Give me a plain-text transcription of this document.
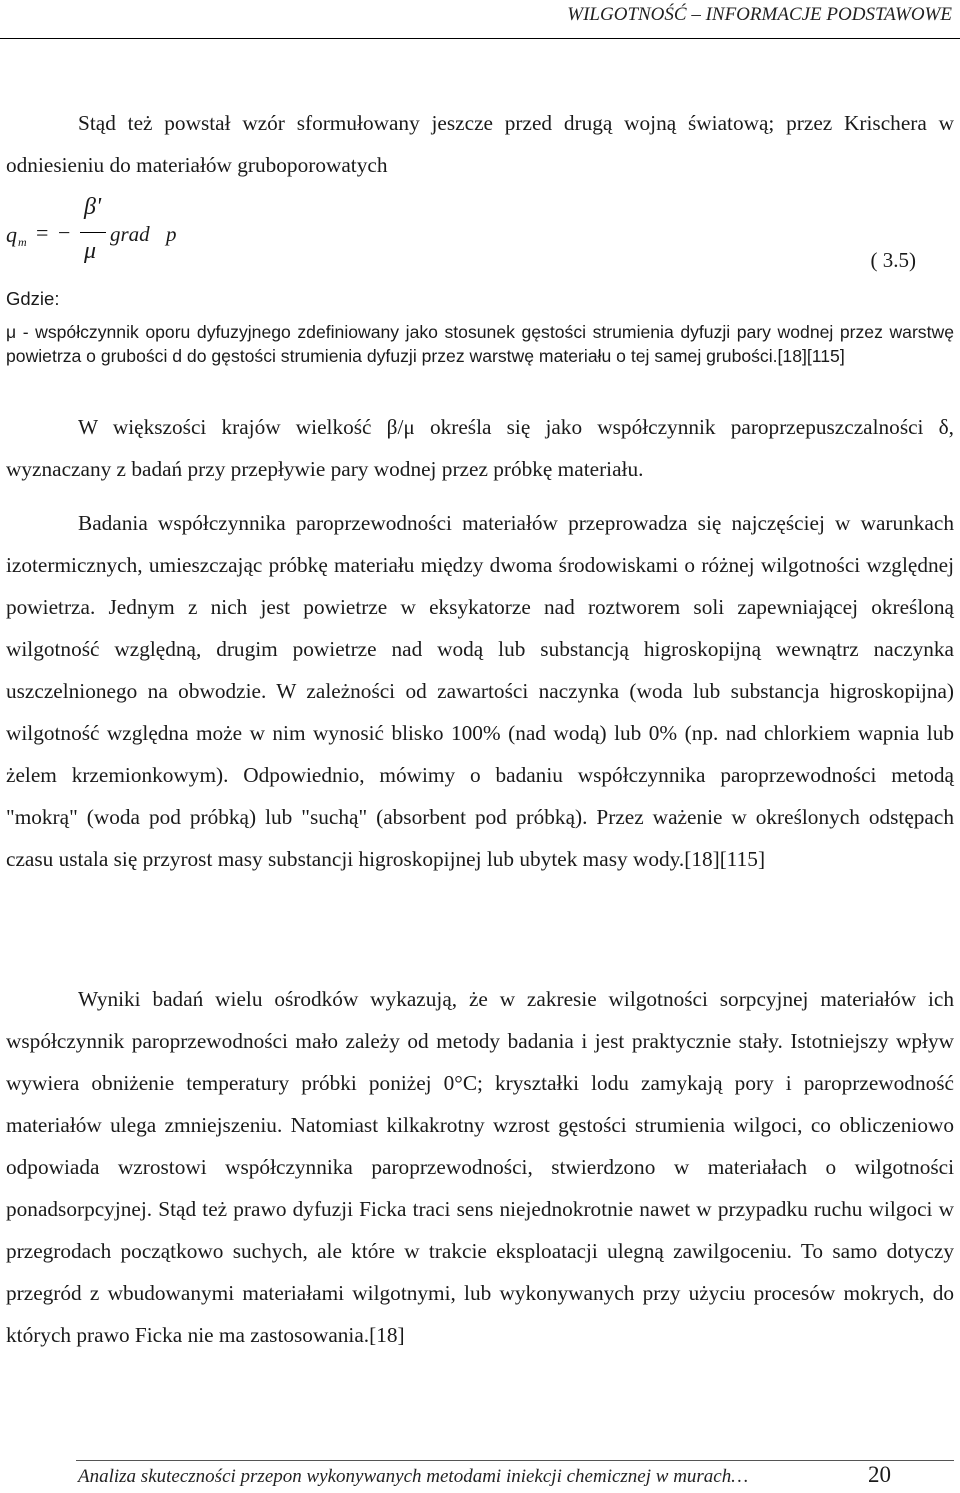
WILGOTNOŚĆ – INFORMACJE PODSTAWOWE

Stąd też powstał wzór sformułowany jeszcze przed drugą wojną światową; przez Krischera w odniesieniu do materiałów gruboporowatych

q m = −
β'
μ
grad p
( 3.5)
Gdzie:

μ - współczynnik oporu dyfuzyjnego zdefiniowany jako stosunek gęstości strumienia dyfuzji pary wodnej przez warstwę powietrza o grubości d do gęstości strumienia dyfuzji przez warstwę materiału o tej samej grubości.[18][115]

W większości krajów wielkość β/μ określa się jako współczynnik paroprzepuszczalności δ, wyznaczany z badań przy przepływie pary wodnej przez próbkę materiału.

Badania współczynnika paroprzewodności materiałów przeprowadza się najczęściej w warunkach izotermicznych, umieszczając próbkę materiału między dwoma środowiskami o różnej wilgotności względnej powietrza. Jednym z nich jest powietrze w eksykatorze nad roztworem soli zapewniającej określoną wilgotność względną, drugim powietrze nad wodą lub substancją higroskopijną wewnątrz naczynka uszczelnionego na obwodzie. W zależności od zawartości naczynka (woda lub substancja higroskopijna) wilgotność względna może w nim wynosić blisko 100% (nad wodą) lub 0% (np. nad chlorkiem wapnia lub żelem krzemionkowym). Odpowiednio, mówimy o badaniu współczynnika paroprzewodności metodą "mokrą" (woda pod próbką) lub "suchą" (absorbent pod próbką). Przez ważenie w określonych odstępach czasu ustala się przyrost masy substancji higroskopijnej lub ubytek masy wody.[18][115]

Wyniki badań wielu ośrodków wykazują, że w zakresie wilgotności sorpcyjnej materiałów ich współczynnik paroprzewodności mało zależy od metody badania i jest praktycznie stały. Istotniejszy wpływ wywiera obniżenie temperatury próbki poniżej 0°C; kryształki lodu zamykają pory i paroprzewodność materiałów ulega zmniejszeniu. Natomiast kilkakrotny wzrost gęstości strumienia wilgoci, co obliczeniowo odpowiada wzrostowi współczynnika paroprzewodności, stwierdzono w materiałach o wilgotności ponadsorpcyjnej. Stąd też prawo dyfuzji Ficka traci sens niejednokrotnie nawet w przypadku ruchu wilgoci w przegrodach początkowo suchych, ale które w trakcie eksploatacji ulegną zawilgoceniu. To samo dotyczy przegród z wbudowanymi materiałami wilgotnymi, lub wykonywanych przy użyciu procesów mokrych, do których prawo Ficka nie ma zastosowania.[18]

Analiza skuteczności przepon wykonywanych metodami iniekcji chemicznej w murach…	20
